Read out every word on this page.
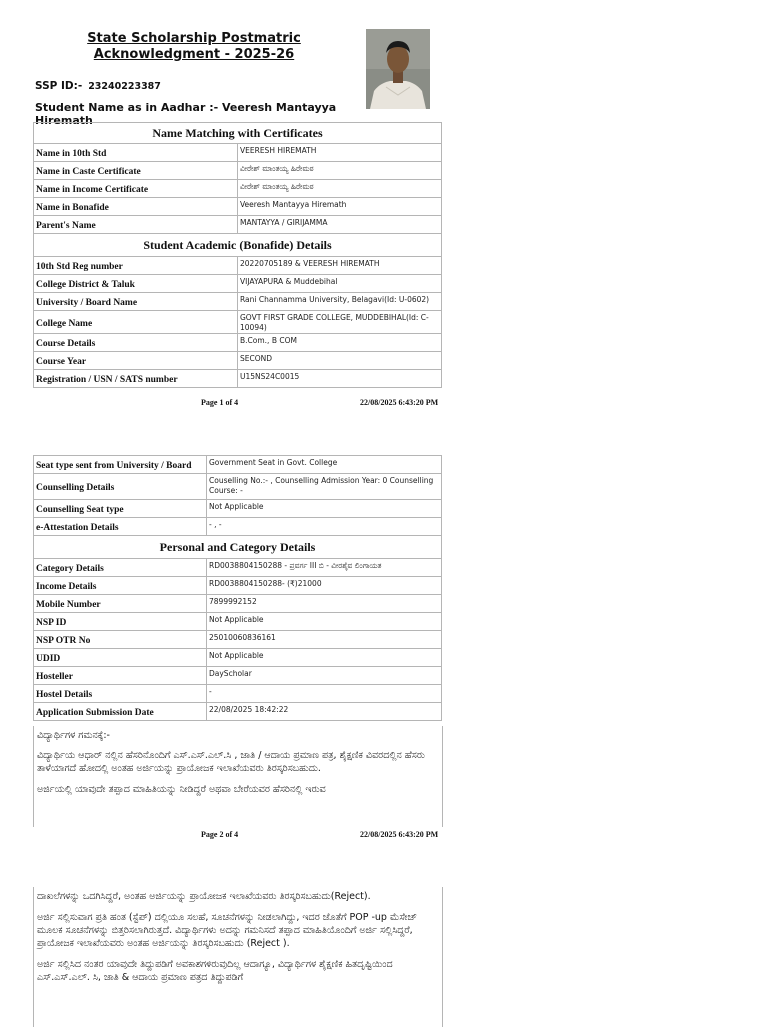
State Scholarship Postmatric
Acknowledgment - 2025-26
SSP ID:- 23240223387
Student Name as in Aadhar :- Veeresh Mantayya Hiremath
Name Matching with Certificates	
Name in 10th Std	VEERESH HIREMATH
Name in Caste Certificate	ವೀರೇಶ್ ಮಾಂತಯ್ಯ ಹಿರೇಮಠ
Name in Income Certificate	ವೀರೇಶ್ ಮಾಂತಯ್ಯ ಹಿರೇಮಠ
Name in Bonafide	Veeresh Mantayya Hiremath
Parent's Name	MANTAYYA / GIRIJAMMA
Student Academic (Bonafide) Details	
10th Std Reg number	20220705189 & VEERESH HIREMATH
College District & Taluk	VIJAYAPURA & Muddebihal
University / Board Name	Rani Channamma University, Belagavi(Id: U-0602)
College Name	GOVT FIRST GRADE COLLEGE, MUDDEBIHAL(Id: C-10094)
Course Details	B.Com., B COM
Course Year	SECOND
Registration / USN / SATS number	U15NS24C0015
Page 1 of 4	22/08/2025 6:43:20 PM
Seat type sent from University / Board	Government Seat in Govt. College
Counselling Details	Couselling No.:- , Counselling Admission Year: 0 Counselling Course: -
Counselling Seat type	Not Applicable
e-Attestation Details	- , -
Personal and Category Details	
Category Details	RD0038804150288 - ಪ್ರವರ್ಗ III ಬಿ - ವೀರಶೈವ ಲಿಂಗಾಯತ
Income Details	RD0038804150288- (₹)21000
Mobile Number	7899992152
NSP ID	Not Applicable
NSP OTR No	25010060836161
UDID	Not Applicable
Hosteller	DayScholar
Hostel Details	-
Application Submission Date	22/08/2025 18:42:22

ವಿದ್ಯಾರ್ಥಿಗಳ ಗಮನಕ್ಕೆ:-

ವಿದ್ಯಾರ್ಥಿಯ ಆಧಾರ್ ನಲ್ಲಿನ ಹೆಸರಿನೊಂದಿಗೆ ಎಸ್.ಎಸ್.ಎಲ್.ಸಿ , ಜಾತಿ / ಆದಾಯ ಪ್ರಮಾಣ ಪತ್ರ, ಶೈಕ್ಷಣಿಕ ವಿವರದಲ್ಲಿನ ಹೆಸರು ತಾಳೆಯಾಗದೆ ಹೋದಲ್ಲಿ ಅಂತಹ ಅರ್ಜಿಯನ್ನು ಪ್ರಾಯೋಜಕ ಇಲಾಖೆಯವರು ತಿರಸ್ಕರಿಸಬಹುದು.

ಅರ್ಜಿಯಲ್ಲಿ ಯಾವುದೇ ತಪ್ಪಾದ ಮಾಹಿತಿಯನ್ನು ನೀಡಿದ್ದರೆ ಅಥವಾ ಬೇರೆಯವರ ಹೆಸರಿನಲ್ಲಿ ಇರುವ

Page 2 of 4	22/08/2025 6:43:20 PM

ದಾಖಲೆಗಳನ್ನು ಒದಗಿಸಿದ್ದರೆ, ಅಂತಹ ಅರ್ಜಿಯನ್ನು ಪ್ರಾಯೋಜಕ ಇಲಾಖೆಯವರು ತಿರಸ್ಕರಿಸಬಹುದು(Reject).

ಅರ್ಜಿ ಸಲ್ಲಿಸುವಾಗ ಪ್ರತಿ ಹಂತ (ಸ್ಟೆಪ್) ದಲ್ಲಿಯೂ ಸಲಹೆ, ಸೂಚನೆಗಳನ್ನು ನೀಡಲಾಗಿದ್ದು, ಇದರ ಜೊತೆಗೆ POP -up ಮೆಸೇಜ್ ಮೂಲಕ ಸೂಚನೆಗಳನ್ನು ಬಿತ್ತರಿಸಲಾಗಿರುತ್ತದೆ. ವಿದ್ಯಾರ್ಥಿಗಳು ಅದನ್ನು ಗಮನಿಸದೆ ತಪ್ಪಾದ ಮಾಹಿತಿಯೊಂದಿಗೆ ಅರ್ಜಿ ಸಲ್ಲಿಸಿದ್ದರೆ, ಪ್ರಾಯೋಜಕ ಇಲಾಖೆಯವರು ಅಂತಹ ಅರ್ಜಿಯನ್ನು ತಿರಸ್ಕರಿಸಬಹುದು (Reject ).

ಅರ್ಜಿ ಸಲ್ಲಿಸಿದ ನಂತರ ಯಾವುದೇ ತಿದ್ದುಪಡಿಗೆ ಅವಕಾಶಗಳಿರುವುದಿಲ್ಲ ಆದಾಗ್ಯೂ, ವಿದ್ಯಾರ್ಥಿಗಳ ಶೈಕ್ಷಣಿಕ ಹಿತದೃಷ್ಟಿಯಿಂದ ಎಸ್.ಎಸ್.ಎಲ್. ಸಿ, ಜಾತಿ & ಆದಾಯ ಪ್ರಮಾಣ ಪತ್ರದ ತಿದ್ದುಪಡಿಗೆ
